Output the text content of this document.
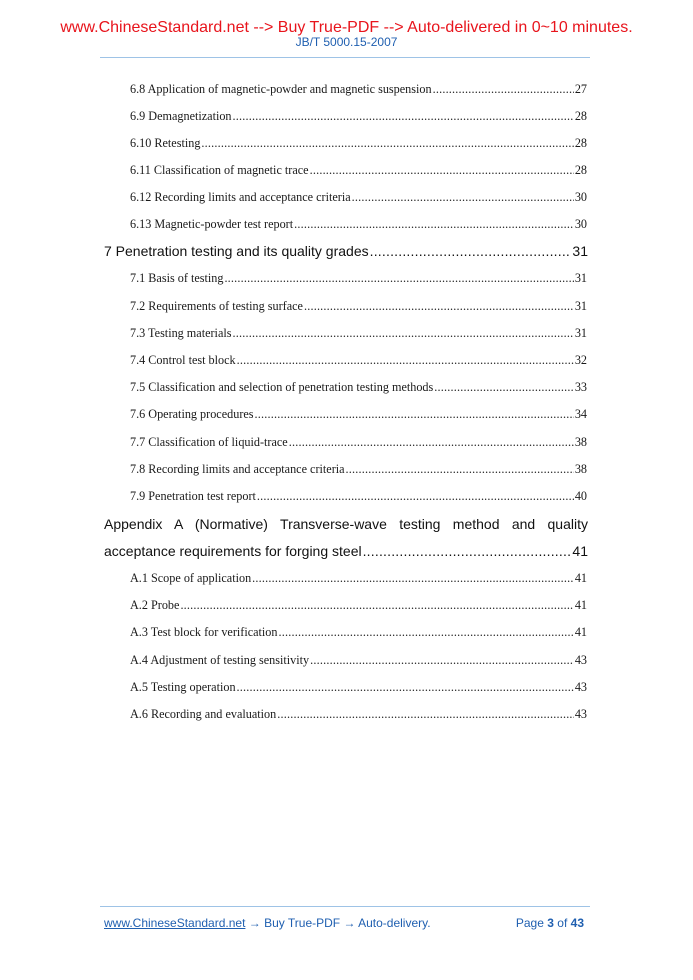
www.ChineseStandard.net --> Buy True-PDF --> Auto-delivered in 0~10 minutes.
JB/T 5000.15-2007
6.8 Application of magnetic-powder and magnetic suspension .....	27
6.9 Demagnetization .....	28
6.10 Retesting .....	28
6.11 Classification of magnetic trace .....	28
6.12 Recording limits and acceptance criteria .....	30
6.13 Magnetic-powder test report .....	30
7 Penetration testing and its quality grades .....	31
7.1 Basis of testing .....	31
7.2 Requirements of testing surface .....	31
7.3 Testing materials .....	31
7.4 Control test block .....	32
7.5 Classification and selection of penetration testing methods .....	33
7.6 Operating procedures .....	34
7.7 Classification of liquid-trace .....	38
7.8 Recording limits and acceptance criteria .....	38
7.9 Penetration test report .....	40
Appendix A (Normative) Transverse-wave testing method and quality
acceptance requirements for forging steel .....	41
A.1 Scope of application .....	41
A.2 Probe .....	41
A.3 Test block for verification .....	41
A.4 Adjustment of testing sensitivity .....	43
A.5 Testing operation .....	43
A.6 Recording and evaluation .....	43
www.ChineseStandard.net → Buy True-PDF → Auto-delivery.	Page 3 of 43
